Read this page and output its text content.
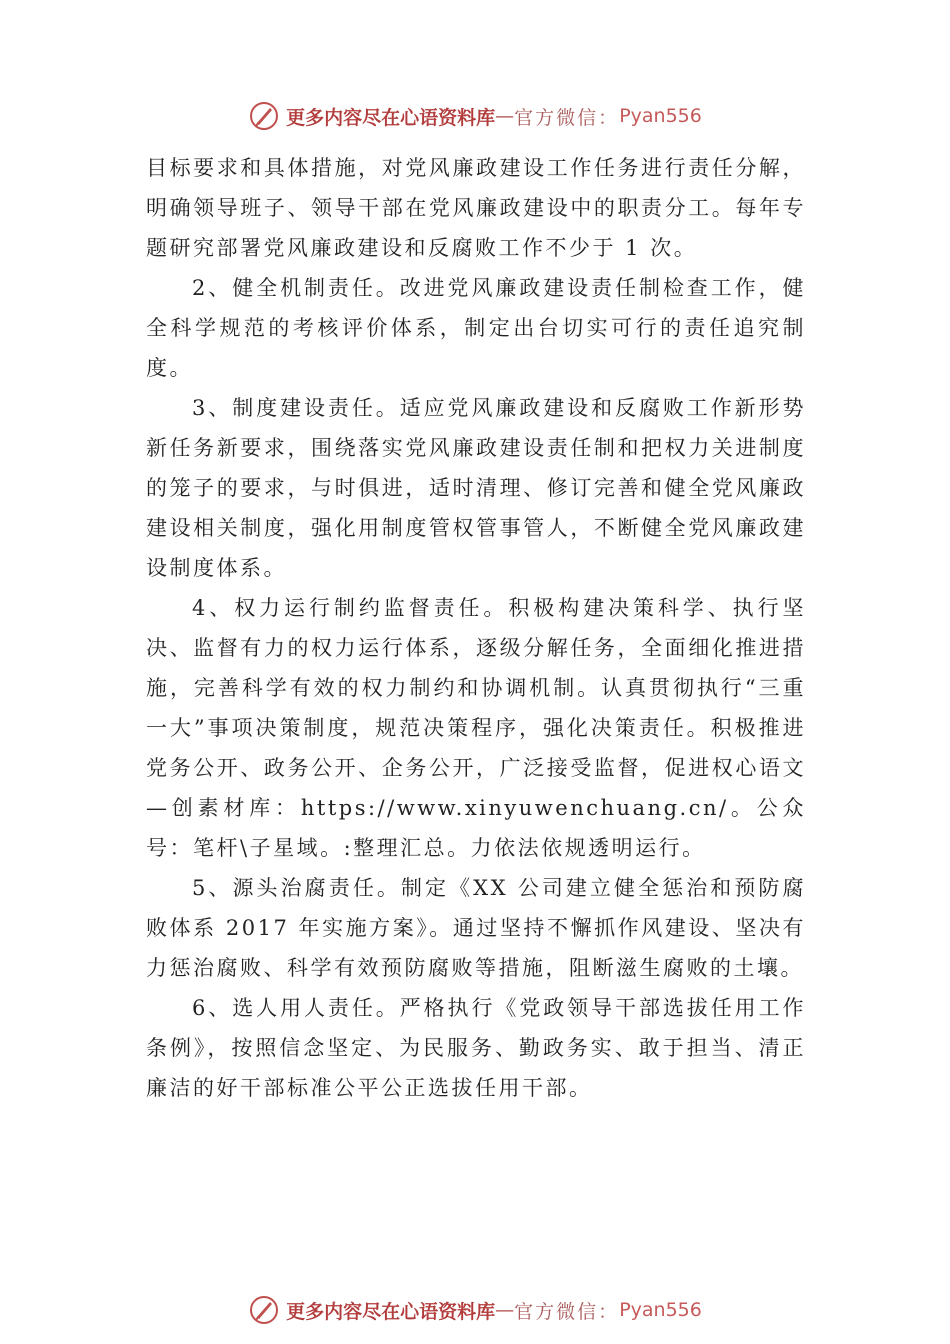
更多内容尽在心语资料库 — 官方微信： Pyan556

目标要求和具体措施，对党风廉政建设工作任务进行责任分解，明确领导班子、领导干部在党风廉政建设中的职责分工。每年专题研究部署党风廉政建设和反腐败工作不少于 1 次。

2、健全机制责任。改进党风廉政建设责任制检查工作，健全科学规范的考核评价体系，制定出台切实可行的责任追究制度。

3、制度建设责任。适应党风廉政建设和反腐败工作新形势新任务新要求，围绕落实党风廉政建设责任制和把权力关进制度的笼子的要求，与时俱进，适时清理、修订完善和健全党风廉政建设相关制度，强化用制度管权管事管人，不断健全党风廉政建设制度体系。

4、权力运行制约监督责任。积极构建决策科学、执行坚决、监督有力的权力运行体系，逐级分解任务，全面细化推进措施，完善科学有效的权力制约和协调机制。认真贯彻执行“三重一大”事项决策制度，规范决策程序，强化决策责任。积极推进党务公开、政务公开、企务公开，广泛接受监督，促进权心语文—创素材库：https://www.xinyuwenchuang.cn/。公众号：笔杆\子星域。:整理汇总。力依法依规透明运行。

5、源头治腐责任。制定《XX 公司建立健全惩治和预防腐败体系 2017 年实施方案》。通过坚持不懈抓作风建设、坚决有力惩治腐败、科学有效预防腐败等措施，阻断滋生腐败的土壤。

6、选人用人责任。严格执行《党政领导干部选拔任用工作条例》，按照信念坚定、为民服务、勤政务实、敢于担当、清正廉洁的好干部标准公平公正选拔任用干部。

更多内容尽在心语资料库 — 官方微信： Pyan556
